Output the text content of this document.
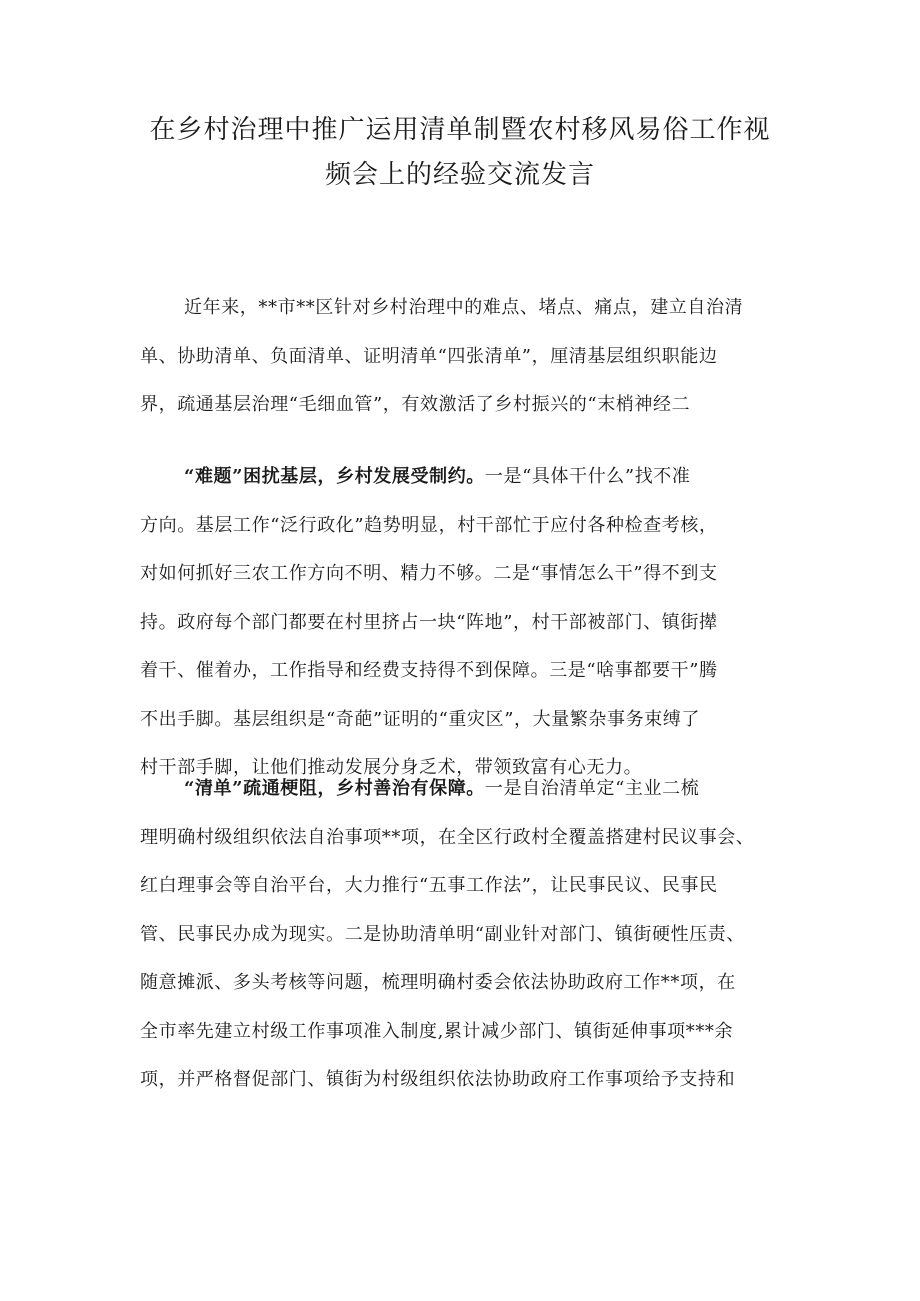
在乡村治理中推广运用清单制暨农村移风易俗工作视
频会上的经验交流发言
近年来，**市**区针对乡村治理中的难点、堵点、痛点，建立自治清
单、协助清单、负面清单、证明清单“四张清单”，厘清基层组织职能边
界，疏通基层治理“毛细血管”，有效激活了乡村振兴的“末梢神经二
“难题”困扰基层，乡村发展受制约。一是“具体干什么”找不准
方向。基层工作“泛行政化”趋势明显，村干部忙于应付各种检查考核，
对如何抓好三农工作方向不明、精力不够。二是“事情怎么干”得不到支
持。政府每个部门都要在村里挤占一块“阵地”，村干部被部门、镇街撵
着干、催着办，工作指导和经费支持得不到保障。三是“啥事都要干”腾
不出手脚。基层组织是“奇葩”证明的“重灾区”，大量繁杂事务束缚了
村干部手脚，让他们推动发展分身乏术，带领致富有心无力。
“清单”疏通梗阻，乡村善治有保障。一是自治清单定“主业二梳
理明确村级组织依法自治事项**项，在全区行政村全覆盖搭建村民议事会、
红白理事会等自治平台，大力推行“五事工作法”，让民事民议、民事民
管、民事民办成为现实。二是协助清单明“副业针对部门、镇街硬性压责、
随意摊派、多头考核等问题，梳理明确村委会依法协助政府工作**项，在
全市率先建立村级工作事项准入制度,累计减少部门、镇街延伸事项***余
项，并严格督促部门、镇街为村级组织依法协助政府工作事项给予支持和
